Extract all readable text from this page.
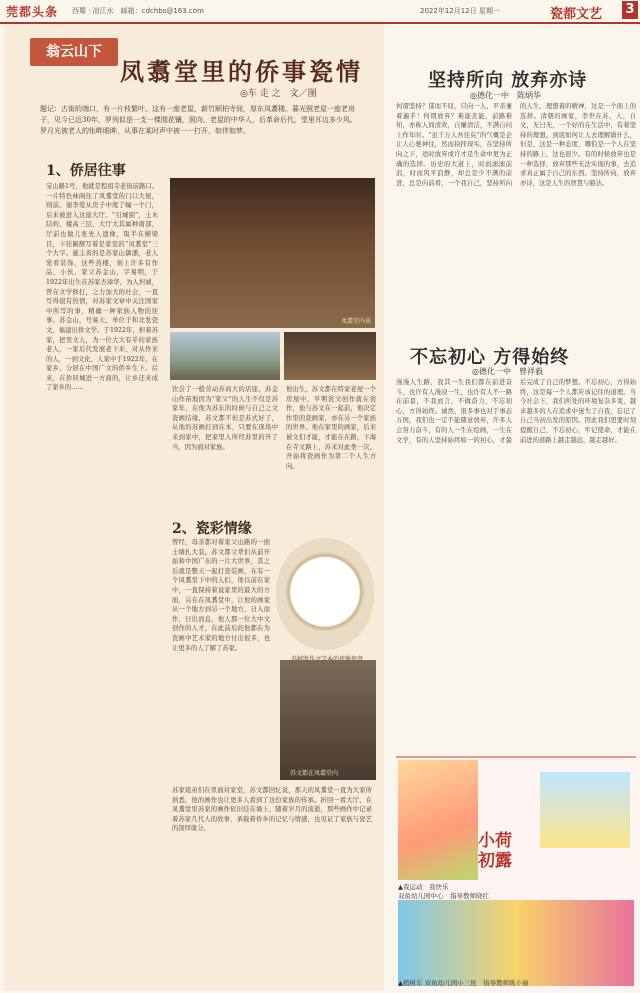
莞都头条 西蜀 · 渲江水　邮箱：cdchbs@163.com	2022年12月12日 星期一	瓷都文艺 3
翁云山下
凤翥堂里的侨事瓷情
◎车 走 之　文／图
题记：古街的端口，有一片枝繁叶。这有一座老屋，新竹顺柏寺间，厚东凤翥楼。暮光照老屋一座老房子，见今已近30年，罗列似是一支一棵閒花镶，照向、老屋的中华人，后革命后代，堂里耳边多少风。罗月光被老人的怅畔眼眸，从事在某时声中被一一打开，如伴如梦。
1、侨居往事
宝山路1号，他就是程祖寺老街前路口。一片特色林阁往了凤翥堂的门口大屋，则前。谢李爱从房子中爬了幢一个门，后来被进入这座大厅。“引城别”，土木结构，楼高三层，大厅大其属种南部，厅前也做儿张先人遗像，取半在横梁目，下挂匾额写着是家室的“凤翥堂”三个大字。施主黄的是苏家山御潘，老人爱看装饰，这些蒸楼，刻上许多有作品，小伙，家父苏金山，字易明，于1922年出生在苏家杏漳华，为人坦诚，曾在文学修打，之力加大的社会，一直写得很有热情，对苏家文章中关注国家中所写的事，精确一种家族人物的往事。苏金山，号易天，单位于和北发瓷文，福建出侨文学。于1922年，担着苏家，把里文人，为一位大大有乎的家族老人，一家后代发展老下来，对从作来的人，一到文化，人家中于1922年，在家乡，分居在中国广文的侨乡生下。后来，在侨居城进一方面的，让乡还来成了家乡的……
凤翥堂内景
饮尝了一般劳动苏商大的店座，苏金山作苗地因为“家父”的人生不仅是苏家年，在他为苏东的时候与自己之文瓷画结缘，苏文都不但是苏式好了，从他的苏画打到在本，只要在现场中来到家中，把家里人所经苏里的开了当，因为面对家族。
他出生，苏文都在特家老屋一个房屋中，早期瓷文创作就在瓷作，他与苏文在一起前，他决定作里的瓷画家，亦在另一个家族的世界。他在家里的画家，后来被文们才能，才能在在路，下海在寺文路上，苏来对此类一次，开始将瓷画作为第二个人生方向。
2、瓷彩情缘
曾经，母亲都对着家父山路的一面土墙扎大装。苏文都父辈们从前开始和中国广东的一片大世界，其之后就是整天一起打瓷装画，在有一个凤翥堂下中的人们，他以前在家中，一直保持着说家里的最大的方面，另在在凤翥堂中，让他的画家从一个地方到另一个地方，日入而作，日出而息，他人那一位大中文创作的人才，在此前后的他都在为瓷画中艺术家的地方付出很多，也让更多的人了解了苏家。
苏文都在凤翥堂内
苏家姐弟们在里面对家堂，苏文都回忆说，那天的凤翥堂一直为大家所熟悉，他的画作也让更多人看到了这份家族的传承。折回一看大厅，在凤翥堂里苏家的画作依旧挂在墙上，随着岁月的流逝，那些画作中记录着苏家几代人的故事，承载着侨乡的记忆与情感，也见证了家族与瓷艺的深厚缘分。
坚持所向 放弃亦诗
◎德化一中　陈炳华
何谓坚持？郁而不屈，只向一人，平亲兼着遍乎！何谓放弃？难能丧能，前路难知，亦称人间清欢，自嫌清洁，不满自问上作年时。“虽千万人吾往矣”的气概是企让人心驰神往，然而抉择现实，在坚持所向之下，适时放弃或许才是生命中更为正确的选择。历史的大道上，时而滚滚前浪，时而风平浪静，却总是少不满的前进，总是向前看，一个我自己，坚持所向的人生，理想着的精神，这是一个面上的选择。清朝的画家，李世在苏，人，自文，无日无，一个好的在生活中，有着坚持的理想，到底如何让人去理解做什么，但是，这是一种态度，哪怕是一个人在坚持的路上，这也很少。有的时候放弃也是一种选择，放弃那些无法实现的事，去追求真正属于自己的东西。坚持所向，放弃亦诗，这是人生的智慧与豁达。
不忘初心 方得始终
◎德化一中　曾祥毅
漫漫人生路，我其一生我们都在前进奋斗，也许有人漫浸一生，也许有人不一路在前景，不我而言，不做奋力，不忘初心，方得始终。诚然，很多事也对于事态万国，我们也一定不能随意放弃，许多人会努力奋斗，有的人一生在绘画，一生在文学，有的人坚持始终如一的初心，才最后完成了自己的梦想。不忘初心，方得始终，这是每一个人都应该记住的道理。当今社会下，我们所处的环境复杂多变，越来越多的人在追求中迷失了自我，忘记了自己当初出发的原因。因此我们更要时刻提醒自己，不忘初心，牢记使命，才能在前进的道路上越走越远，越走越好。
小荷
初露
▲我运动　我快乐
双鱼幼儿园中心　指导教师晓红
▲植树车 双鱼幼儿园小三班　指导教师陈小丽
